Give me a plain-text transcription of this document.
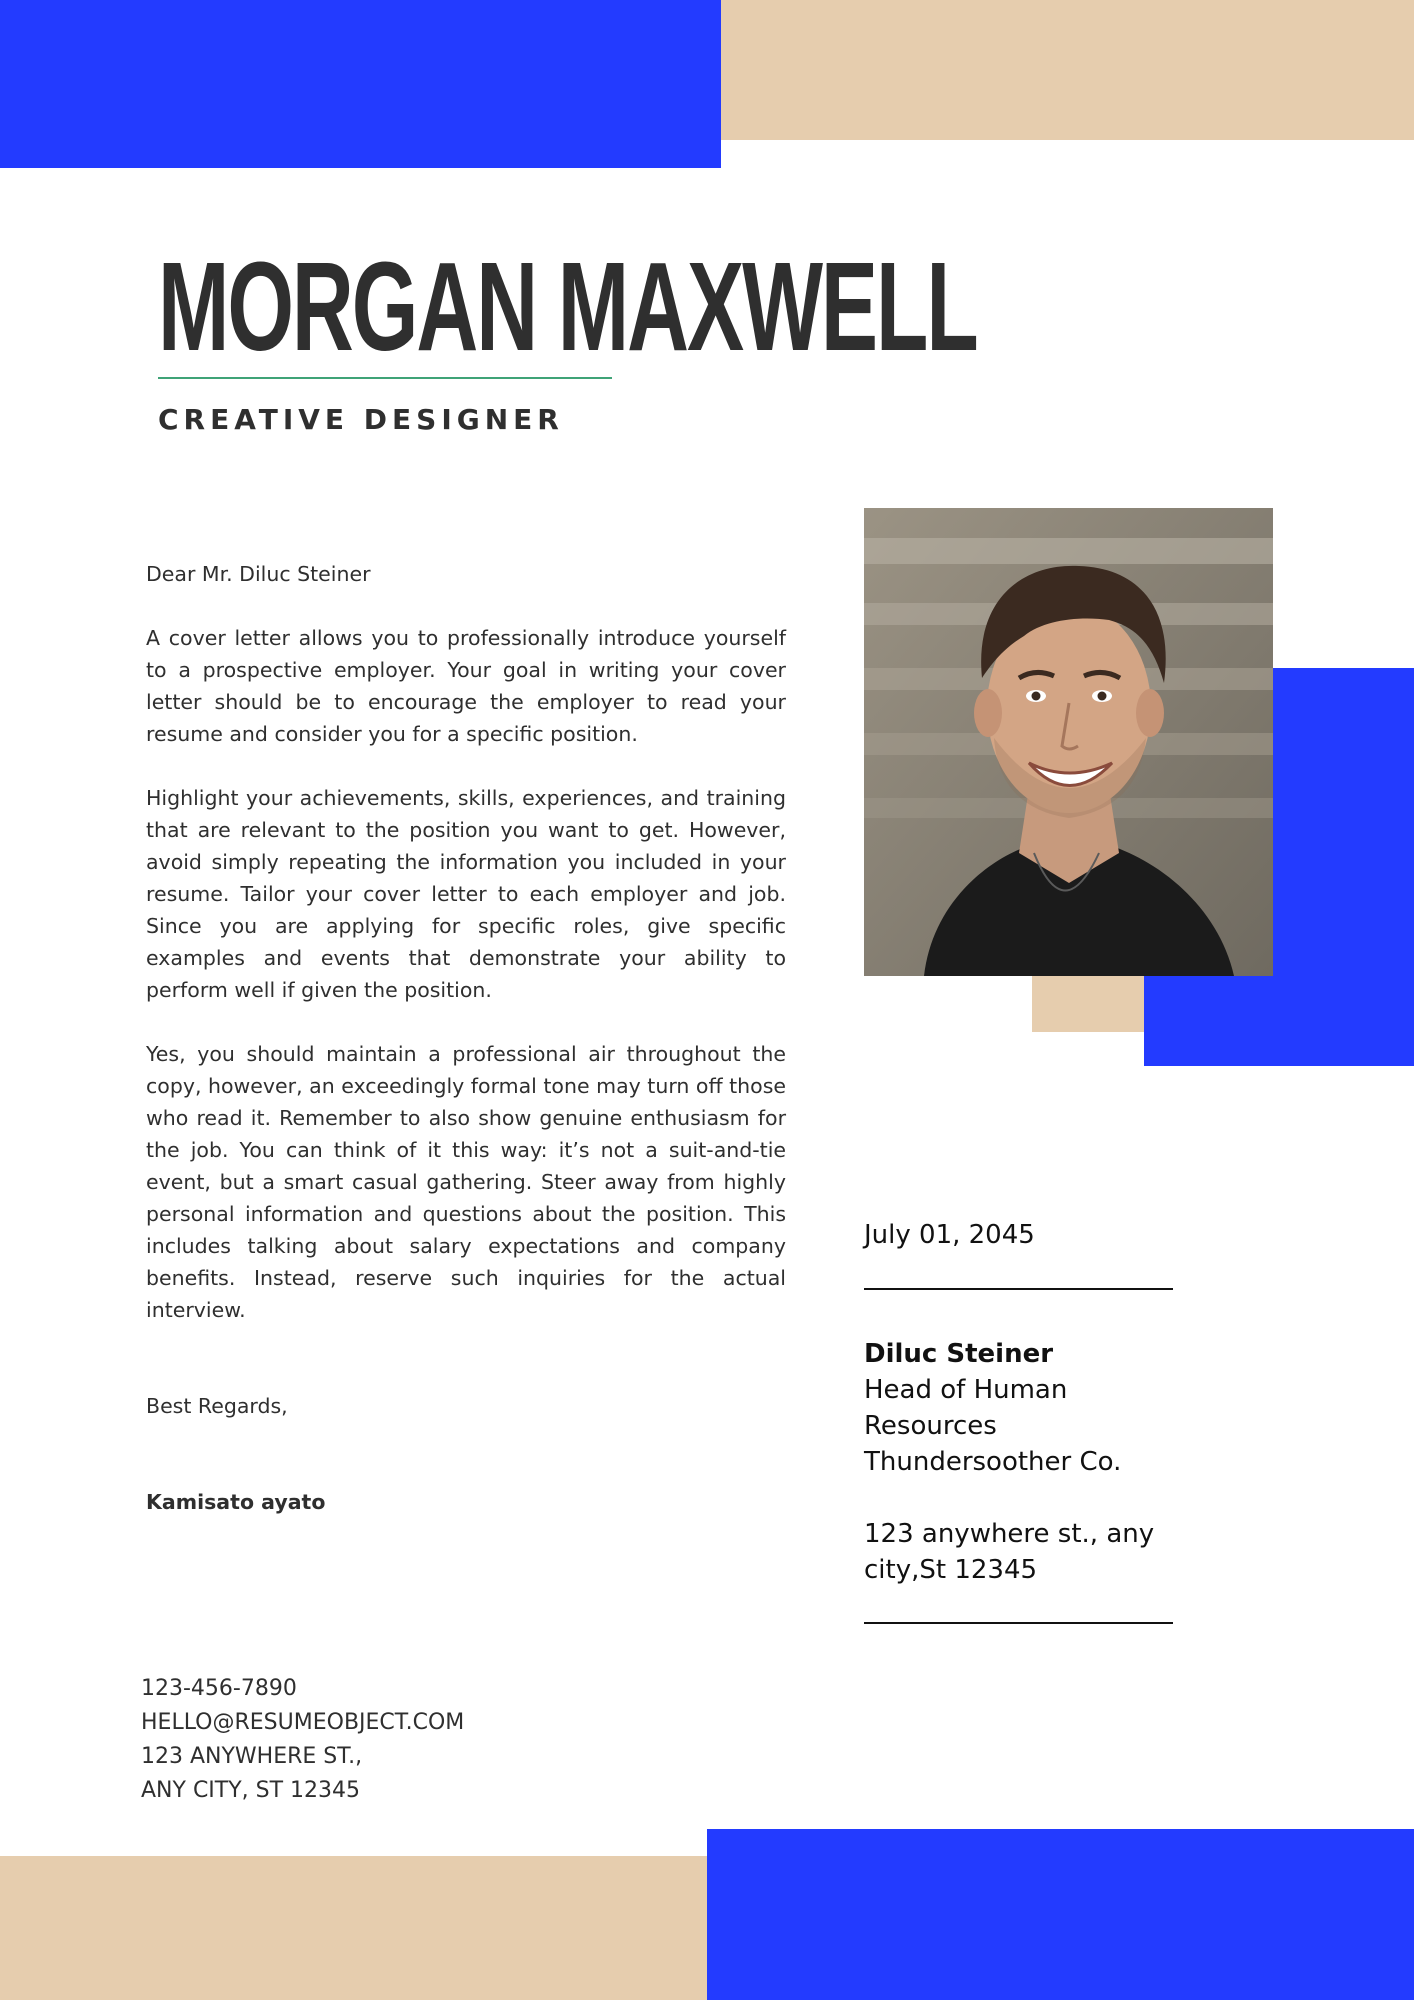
MORGAN MAXWELL
CREATIVE DESIGNER

Dear Mr. Diluc Steiner

A cover letter allows you to professionally introduce yourself to a prospective employer. Your goal in writing your cover letter should be to encourage the employer to read your resume and consider you for a specific position.

Highlight your achievements, skills, experiences, and training that are relevant to the position you want to get. However, avoid simply repeating the information you included in your resume. Tailor your cover letter to each employer and job. Since you are applying for specific roles, give specific examples and events that demonstrate your ability to perform well if given the position.

Yes, you should maintain a professional air throughout the copy, however, an exceedingly formal tone may turn off those who read it. Remember to also show genuine enthusiasm for the job. You can think of it this way: it’s not a suit-and-tie event, but a smart casual gathering. Steer away from highly personal information and questions about the position. This includes talking about salary expectations and company benefits. Instead, reserve such inquiries for the actual interview.

Best Regards,

Kamisato ayato

July 01, 2045
Diluc Steiner
Head of Human
Resources
Thundersoother Co.
123 anywhere st., any
city,St 12345
123-456-7890
HELLO@RESUMEOBJECT.COM
123 ANYWHERE ST.,
ANY CITY, ST 12345
